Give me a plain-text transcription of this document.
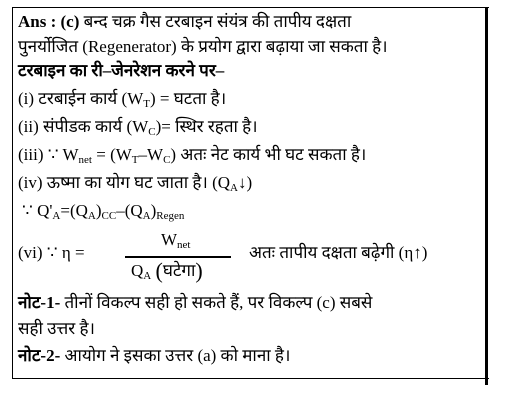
Ans : (c) बन्द चक्र गैस टरबाइन संयंत्र की तापीय दक्षता
पुनर्योजित (Regenerator) के प्रयोग द्वारा बढ़ाया जा सकता है।
टरबाइन का री–जेनरेशन करने पर–
(i) टरबाईन कार्य $(W_T)$ = घटता है।
(ii) संपीडक कार्य $(W_C)=$ स्थिर रहता है।
(iii) ∵ $W_{net} = (W_T-W_C)$ अतः नेट कार्य भी घट सकता है।
(iv) ऊष्मा का योग घट जाता है। $(Q_A↓)$
∵ $Q'_A=(Q_A)_{CC}-(Q_A)_{Regen}$
(vi) ∵ η =
$W_{net}$
$Q_A$ (घटेगा)
अतः तापीय दक्षता बढ़ेगी (η↑)
नोट-1- तीनों विकल्प सही हो सकते हैं, पर विकल्प (c) सबसे
सही उत्तर है।
नोट-2- आयोग ने इसका उत्तर (a) को माना है।
